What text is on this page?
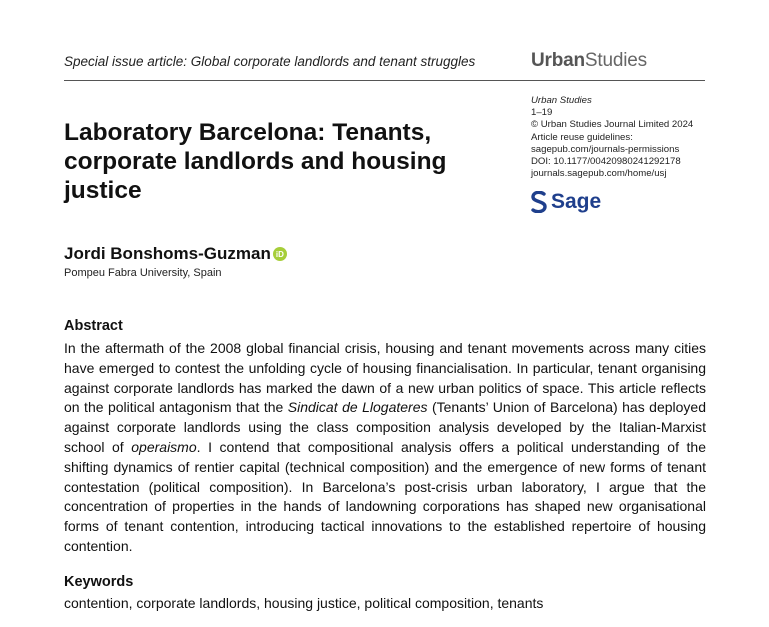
Special issue article: Global corporate landlords and tenant struggles	UrbanStudies
Urban Studies
1–19
© Urban Studies Journal Limited 2024
Article reuse guidelines:
sagepub.com/journals-permissions
DOI: 10.1177/00420980241292178
journals.sagepub.com/home/usj
Sage
Laboratory Barcelona: Tenants, corporate landlords and housing justice
Jordi Bonshoms-Guzman iD
Pompeu Fabra University, Spain
Abstract
In the aftermath of the 2008 global financial crisis, housing and tenant movements across many cities have emerged to contest the unfolding cycle of housing financialisation. In particular, tenant organising against corporate landlords has marked the dawn of a new urban politics of space. This article reflects on the political antagonism that the Sindicat de Llogateres (Tenants’ Union of Barcelona) has deployed against corporate landlords using the class composition analysis developed by the Italian-Marxist school of operaismo. I contend that compositional analysis offers a political understanding of the shifting dynamics of rentier capital (technical composition) and the emergence of new forms of tenant contestation (political composition). In Barcelona’s post-crisis urban laboratory, I argue that the concentration of properties in the hands of landowning corporations has shaped new organisational forms of tenant contention, introducing tactical innovations to the established repertoire of housing contention.
Keywords
contention, corporate landlords, housing justice, political composition, tenants
